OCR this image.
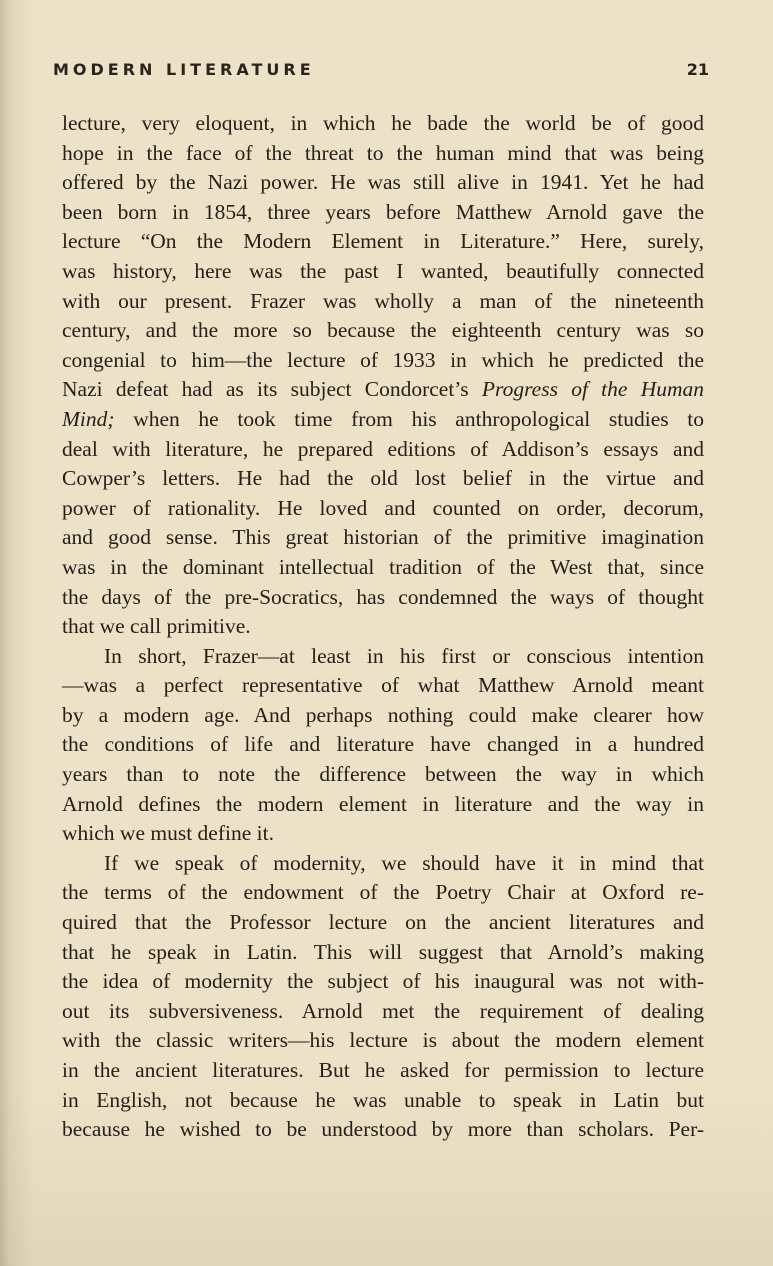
MODERN LITERATURE	21
lecture, very eloquent, in which he bade the world be of good
hope in the face of the threat to the human mind that was being
offered by the Nazi power. He was still alive in 1941. Yet he had
been born in 1854, three years before Matthew Arnold gave the
lecture “On the Modern Element in Literature.” Here, surely,
was history, here was the past I wanted, beautifully connected
with our present. Frazer was wholly a man of the nineteenth
century, and the more so because the eighteenth century was so
congenial to him—the lecture of 1933 in which he predicted the
Nazi defeat had as its subject Condorcet’s Progress of the Human
Mind; when he took time from his anthropological studies to
deal with literature, he prepared editions of Addison’s essays and
Cowper’s letters. He had the old lost belief in the virtue and
power of rationality. He loved and counted on order, decorum,
and good sense. This great historian of the primitive imagination
was in the dominant intellectual tradition of the West that, since
the days of the pre-Socratics, has condemned the ways of thought
that we call primitive.
In short, Frazer—at least in his first or conscious intention
—was a perfect representative of what Matthew Arnold meant
by a modern age. And perhaps nothing could make clearer how
the conditions of life and literature have changed in a hundred
years than to note the difference between the way in which
Arnold defines the modern element in literature and the way in
which we must define it.
If we speak of modernity, we should have it in mind that
the terms of the endowment of the Poetry Chair at Oxford re-
quired that the Professor lecture on the ancient literatures and
that he speak in Latin. This will suggest that Arnold’s making
the idea of modernity the subject of his inaugural was not with-
out its subversiveness. Arnold met the requirement of dealing
with the classic writers—his lecture is about the modern element
in the ancient literatures. But he asked for permission to lecture
in English, not because he was unable to speak in Latin but
because he wished to be understood by more than scholars. Per-
